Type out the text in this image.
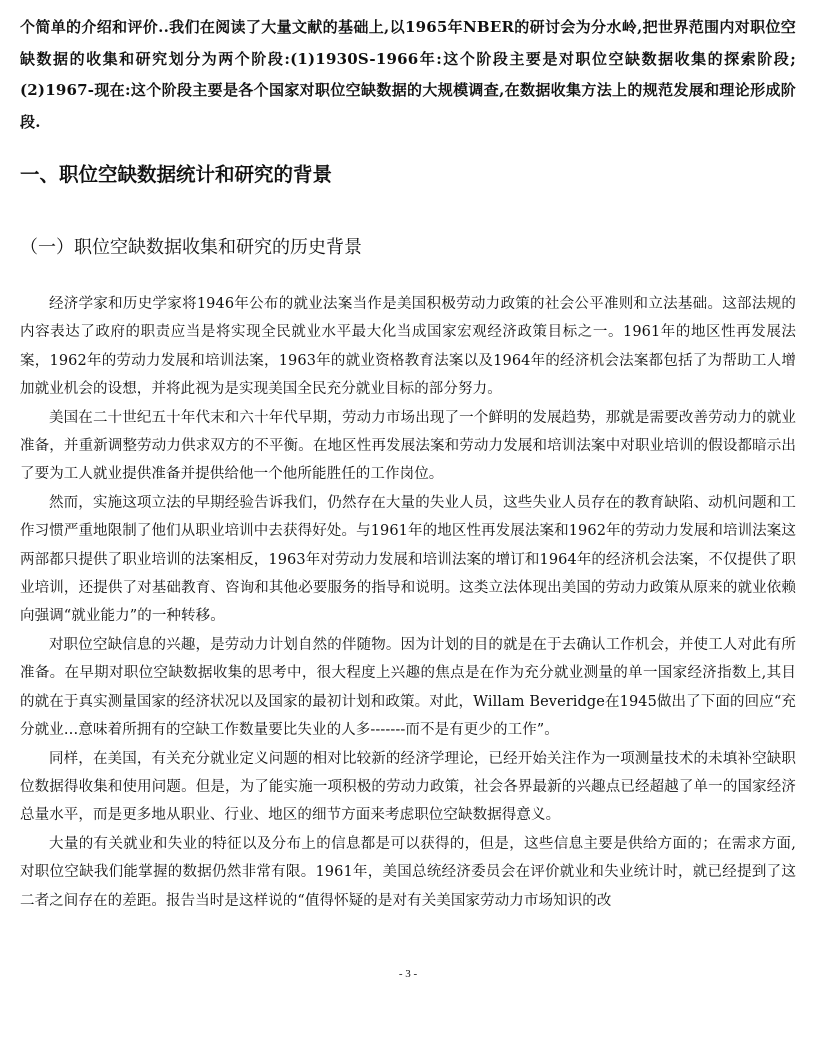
个简单的介绍和评价..我们在阅读了大量文献的基础上,以1965年NBER的研讨会为分水岭,把世界范围内对职位空缺数据的收集和研究划分为两个阶段:(1)1930S-1966年:这个阶段主要是对职位空缺数据收集的探索阶段;(2)1967-现在:这个阶段主要是各个国家对职位空缺数据的大规模调查,在数据收集方法上的规范发展和理论形成阶段.

一、职位空缺数据统计和研究的背景
（一）职位空缺数据收集和研究的历史背景

经济学家和历史学家将1946年公布的就业法案当作是美国积极劳动力政策的社会公平准则和立法基础。这部法规的内容表达了政府的职责应当是将实现全民就业水平最大化当成国家宏观经济政策目标之一。1961年的地区性再发展法案，1962年的劳动力发展和培训法案，1963年的就业资格教育法案以及1964年的经济机会法案都包括了为帮助工人增加就业机会的设想，并将此视为是实现美国全民充分就业目标的部分努力。

美国在二十世纪五十年代末和六十年代早期，劳动力市场出现了一个鲜明的发展趋势，那就是需要改善劳动力的就业准备，并重新调整劳动力供求双方的不平衡。在地区性再发展法案和劳动力发展和培训法案中对职业培训的假设都暗示出了要为工人就业提供准备并提供给他一个他所能胜任的工作岗位。

然而，实施这项立法的早期经验告诉我们，仍然存在大量的失业人员，这些失业人员存在的教育缺陷、动机问题和工作习惯严重地限制了他们从职业培训中去获得好处。与1961年的地区性再发展法案和1962年的劳动力发展和培训法案这两部都只提供了职业培训的法案相反，1963年对劳动力发展和培训法案的增订和1964年的经济机会法案，不仅提供了职业培训，还提供了对基础教育、咨询和其他必要服务的指导和说明。这类立法体现出美国的劳动力政策从原来的就业依赖向强调“就业能力”的一种转移。

对职位空缺信息的兴趣，是劳动力计划自然的伴随物。因为计划的目的就是在于去确认工作机会，并使工人对此有所准备。在早期对职位空缺数据收集的思考中，很大程度上兴趣的焦点是在作为充分就业测量的单一国家经济指数上,其目的就在于真实测量国家的经济状况以及国家的最初计划和政策。对此，Willam Beveridge在1945做出了下面的回应“充分就业…意味着所拥有的空缺工作数量要比失业的人多-------而不是有更少的工作”。

同样，在美国，有关充分就业定义问题的相对比较新的经济学理论，已经开始关注作为一项测量技术的未填补空缺职位数据得收集和使用问题。但是，为了能实施一项积极的劳动力政策，社会各界最新的兴趣点已经超越了单一的国家经济总量水平，而是更多地从职业、行业、地区的细节方面来考虑职位空缺数据得意义。

大量的有关就业和失业的特征以及分布上的信息都是可以获得的，但是，这些信息主要是供给方面的；在需求方面,对职位空缺我们能掌握的数据仍然非常有限。1961年，美国总统经济委员会在评价就业和失业统计时，就已经提到了这二者之间存在的差距。报告当时是这样说的“值得怀疑的是对有关美国家劳动力市场知识的改

- 3 -
